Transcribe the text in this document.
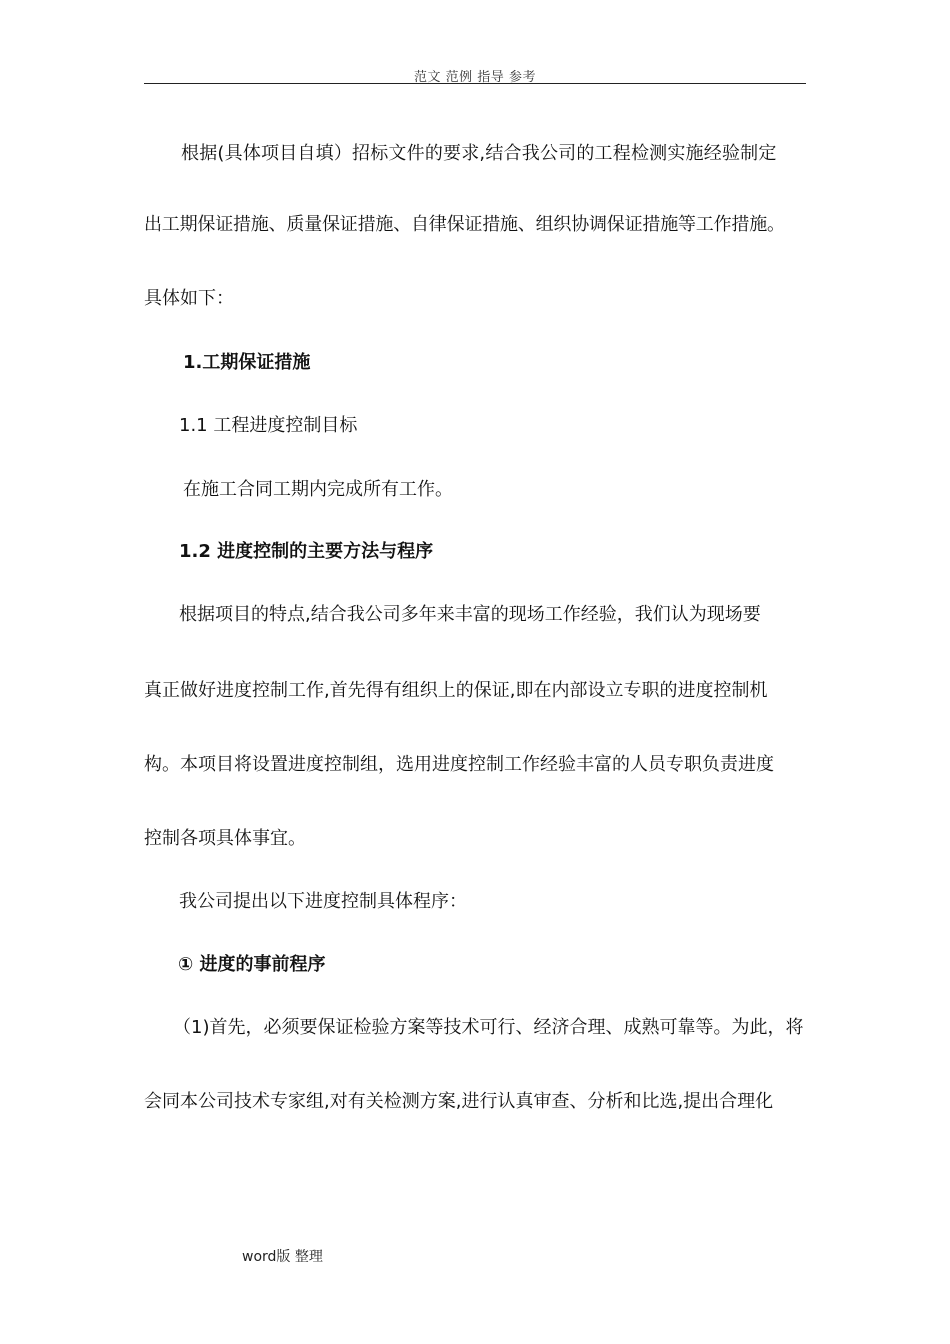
范文 范例 指导 参考
根据(具体项目自填）招标文件的要求,结合我公司的工程检测实施经验制定
出工期保证措施、质量保证措施、自律保证措施、组织协调保证措施等工作措施。
具体如下：
1.工期保证措施
1.1 工程进度控制目标
在施工合同工期内完成所有工作。
1.2 进度控制的主要方法与程序
根据项目的特点,结合我公司多年来丰富的现场工作经验，我们认为现场要
真正做好进度控制工作,首先得有组织上的保证,即在内部设立专职的进度控制机
构。本项目将设置进度控制组，选用进度控制工作经验丰富的人员专职负责进度
控制各项具体事宜。
我公司提出以下进度控制具体程序：
① 进度的事前程序
（1)首先，必须要保证检验方案等技术可行、经济合理、成熟可靠等。为此，将
会同本公司技术专家组,对有关检测方案,进行认真审查、分析和比选,提出合理化
word版 整理
